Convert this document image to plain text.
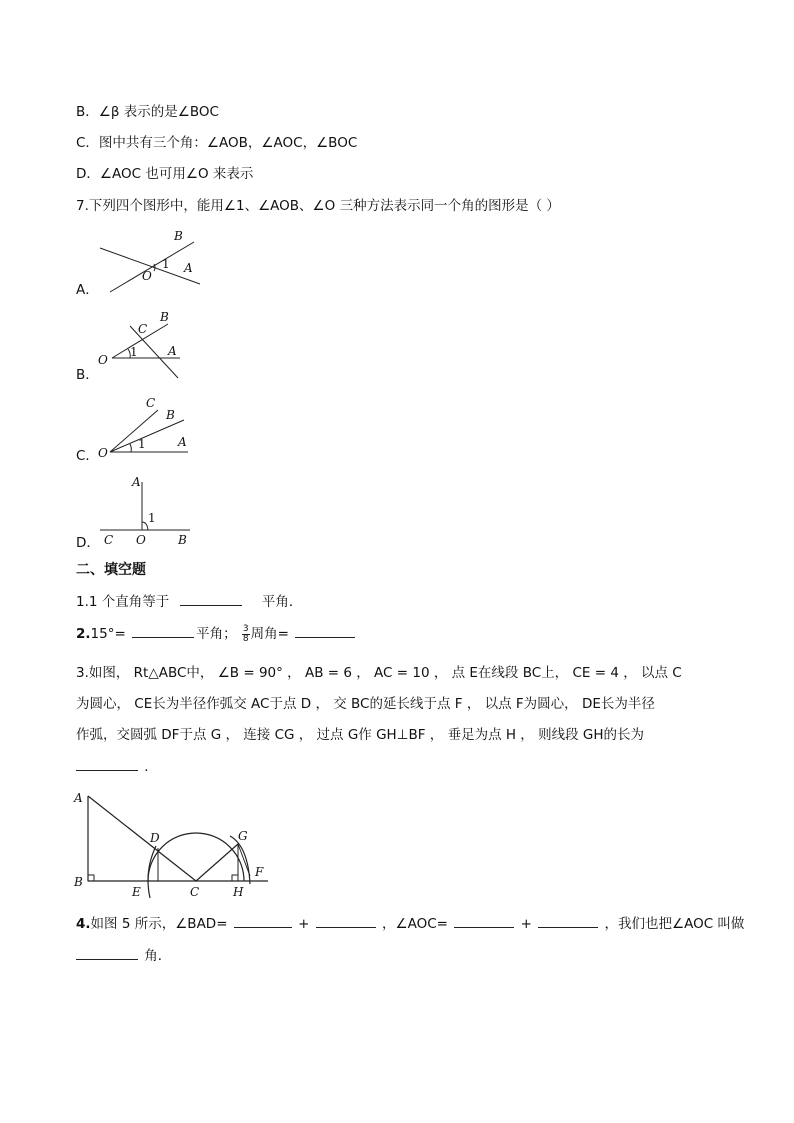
B．∠β 表示的是∠BOC
C．图中共有三个角：∠AOB，∠AOC，∠BOC
D．∠AOC 也可用∠O 来表示
7.下列四个图形中，能用∠1、∠AOB、∠O 三种方法表示同一个角的图形是（ ）
A．
B
O
1 A
B．
C
B
O
1	A
C．
C
B
O
1	A
D．
A
1
C O	B
二、填空题
1.1 个直角等于	平角．
2.15°=	平角； $\frac{3}{8}$ 周角=
3.如图， Rt△ABC中， ∠B = 90° ， AB = 6 ， AC = 10 ， 点 E在线段 BC上， CE = 4 ， 以点 C
为圆心， CE长为半径作弧交 AC于点 D ， 交 BC的延长线于点 F ， 以点 F为圆心， DE长为半径
作弧，交圆弧 DF于点 G ， 连接 CG ， 过点 G作 GH⊥BF ， 垂足为点 H ， 则线段 GH的长为
．
A
B
D
E	C
G
H
F
4.如图 5 所示，∠BAD=	+	，∠AOC=	+	，我们也把∠AOC 叫做
角．
